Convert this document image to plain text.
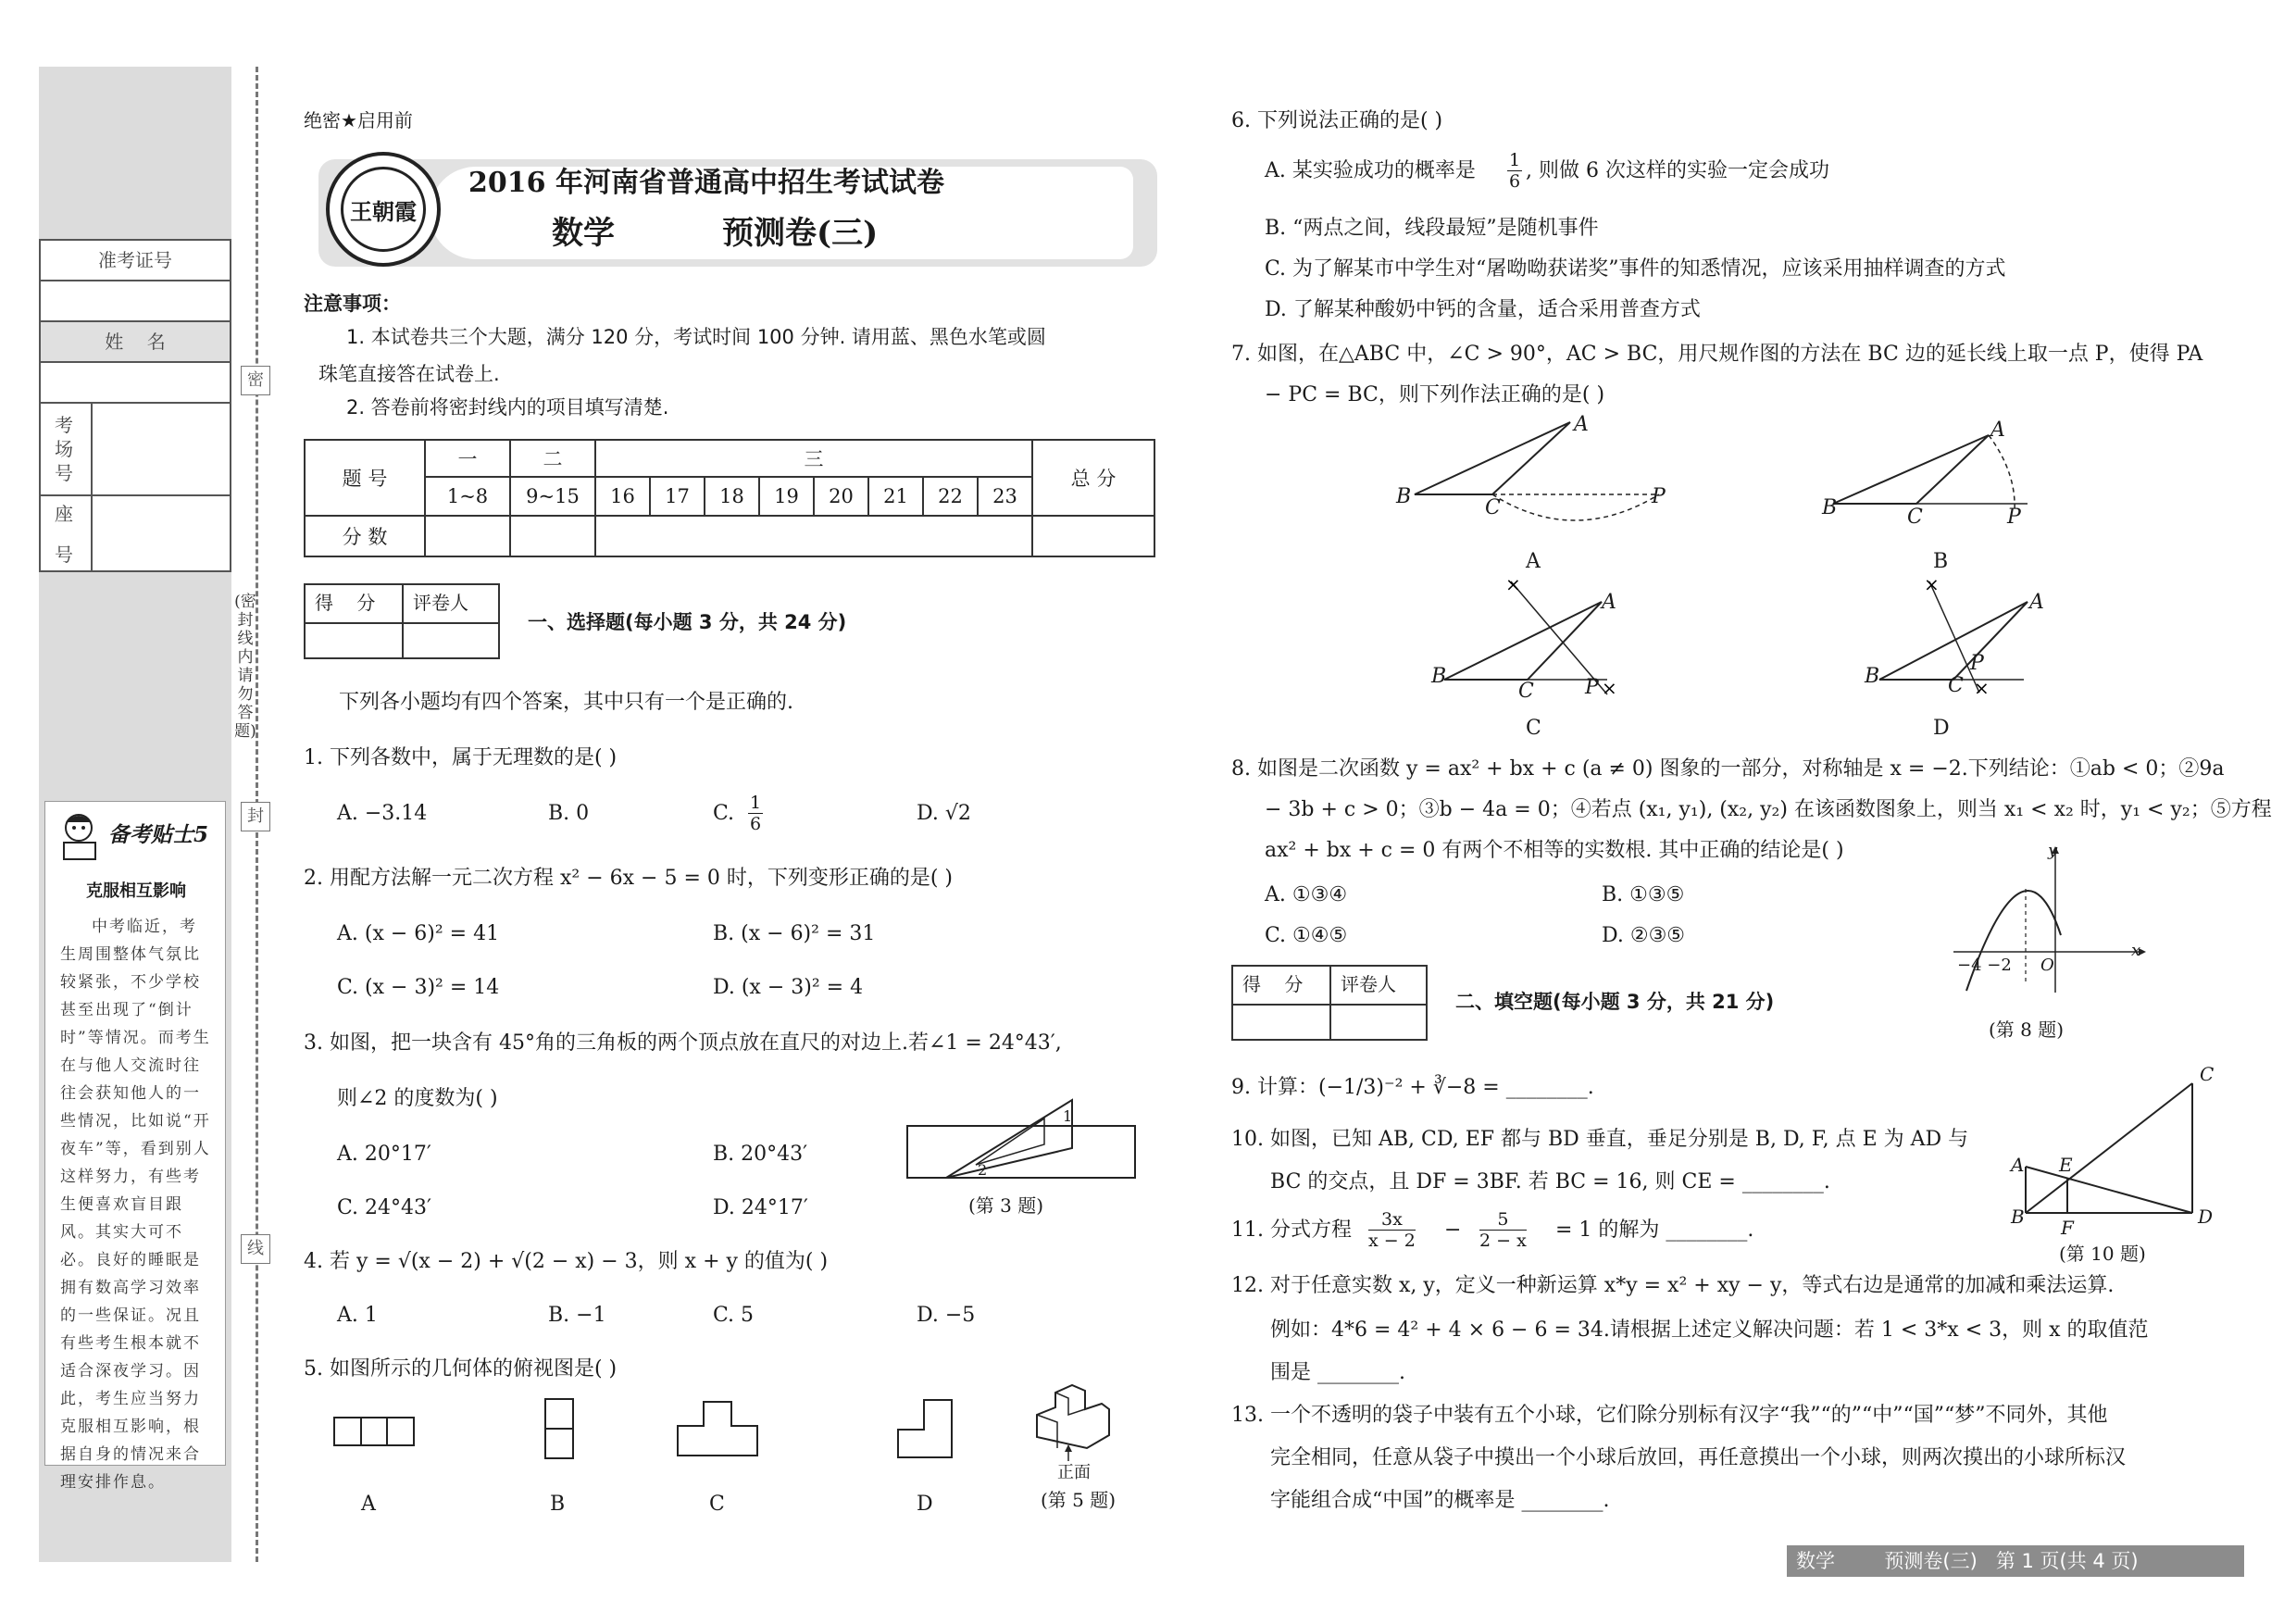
准考证号
姓    名
考
场
号
座

号
密
封
线
(密封线内请勿答题)
备考贴士5
克服相互影响
中考临近，考生周围整体气氛比较紧张，不少学校甚至出现了“倒计时”等情况。而考生在与他人交流时往往会获知他人的一些情况，比如说“开夜车”等，看到别人这样努力，有些考生便喜欢盲目跟风。其实大可不必。良好的睡眠是拥有数高学习效率的一些保证。况且有些考生根本就不适合深夜学习。因此，考生应当努力克服相互影响，根据自身的情况来合理安排作息。
绝密★启用前
王朝霞
2016 年河南省普通高中招生考试试卷
数学	预测卷(三)
注意事项：
1. 本试卷共三个大题，满分 120 分，考试时间 100 分钟. 请用蓝、黑色水笔或圆
珠笔直接答在试卷上.
2. 答卷前将密封线内的项目填写清楚.
题 号	一	二	三								总 分
	1~8	9~15	16	17	18	19	20	21	22	23	
分 数											
得    分 评卷人
一、选择题(每小题 3 分，共 24 分)
下列各小题均有四个答案，其中只有一个是正确的.
1. 下列各数中，属于无理数的是( )
A. −3.14	B. 0	C. $\frac{1}{6}$	D. √2
2. 用配方法解一元二次方程 x² − 6x − 5 = 0 时，下列变形正确的是( )
A. (x − 6)² = 41	B. (x − 6)² = 31
C. (x − 3)² = 14	D. (x − 3)² = 4
3. 如图，把一块含有 45°角的三角板的两个顶点放在直尺的对边上.若∠1 = 24°43′,
则∠2 的度数为( )
A. 20°17′	B. 20°43′
C. 24°43′	D. 24°17′
1
2
(第 3 题)
4. 若 y = √(x − 2) + √(2 − x) − 3，则 x + y 的值为( )
A. 1	B. −1	C. 5	D. −5
5. 如图所示的几何体的俯视图是( )
正面
A	B	C	D	(第 5 题)
6. 下列说法正确的是( )
A. 某实验成功的概率是 $\frac{1}{6}$ , 则做 6 次这样的实验一定会成功
B. “两点之间，线段最短”是随机事件
C. 为了解某市中学生对“屠呦呦获诺奖”事件的知悉情况，应该采用抽样调查的方式
D. 了解某种酸奶中钙的含量，适合采用普查方式
7. 如图，在△ABC 中，∠C > 90°，AC > BC，用尺规作图的方法在 BC 边的延长线上取一点 P，使得 PA
− PC = BC，则下列作法正确的是( )
B	C
A
P
A
B	C
A
P
B
×
×
B
C
A
P
C
×
×
B	C
A
P
D
8. 如图是二次函数 y = ax² + bx + c (a ≠ 0) 图象的一部分，对称轴是 x = −2.下列结论：①ab < 0；②9a
− 3b + c > 0；③b − 4a = 0；④若点 (x₁, y₁), (x₂, y₂) 在该函数图象上，则当 x₁ < x₂ 时，y₁ < y₂；⑤方程
ax² + bx + c = 0 有两个不相等的实数根. 其中正确的结论是( )
A. ①③④	B. ①③⑤
C. ①④⑤	D. ②③⑤
y
x
−4 −2 O
(第 8 题)
得    分 评卷人
二、填空题(每小题 3 分，共 21 分)
9. 计算：(−1/3)⁻² + ∛−8 = ________.
10. 如图，已知 AB, CD, EF 都与 BD 垂直，垂足分别是 B, D, F, 点 E 为 AD 与
BC 的交点，且 DF = 3BF. 若 BC = 16, 则 CE = ________.
A
B
C
D
E
F
(第 10 题)
11. 分式方程 $\frac{3x}{x - 2} - \frac{5}{2 - x} = 1$ 的解为 ________.
12. 对于任意实数 x, y，定义一种新运算 x*y = x² + xy − y，等式右边是通常的加减和乘法运算.
例如：4*6 = 4² + 4 × 6 − 6 = 34.请根据上述定义解决问题：若 1 < 3*x < 3，则 x 的取值范
围是 ________.
13. 一个不透明的袋子中装有五个小球，它们除分别标有汉字“我”“的”“中”“国”“梦”不同外，其他
完全相同，任意从袋子中摸出一个小球后放回，再任意摸出一个小球，则两次摸出的小球所标汉
字能组合成“中国”的概率是 ________.
数学        预测卷(三)   第 1 页(共 4 页)
